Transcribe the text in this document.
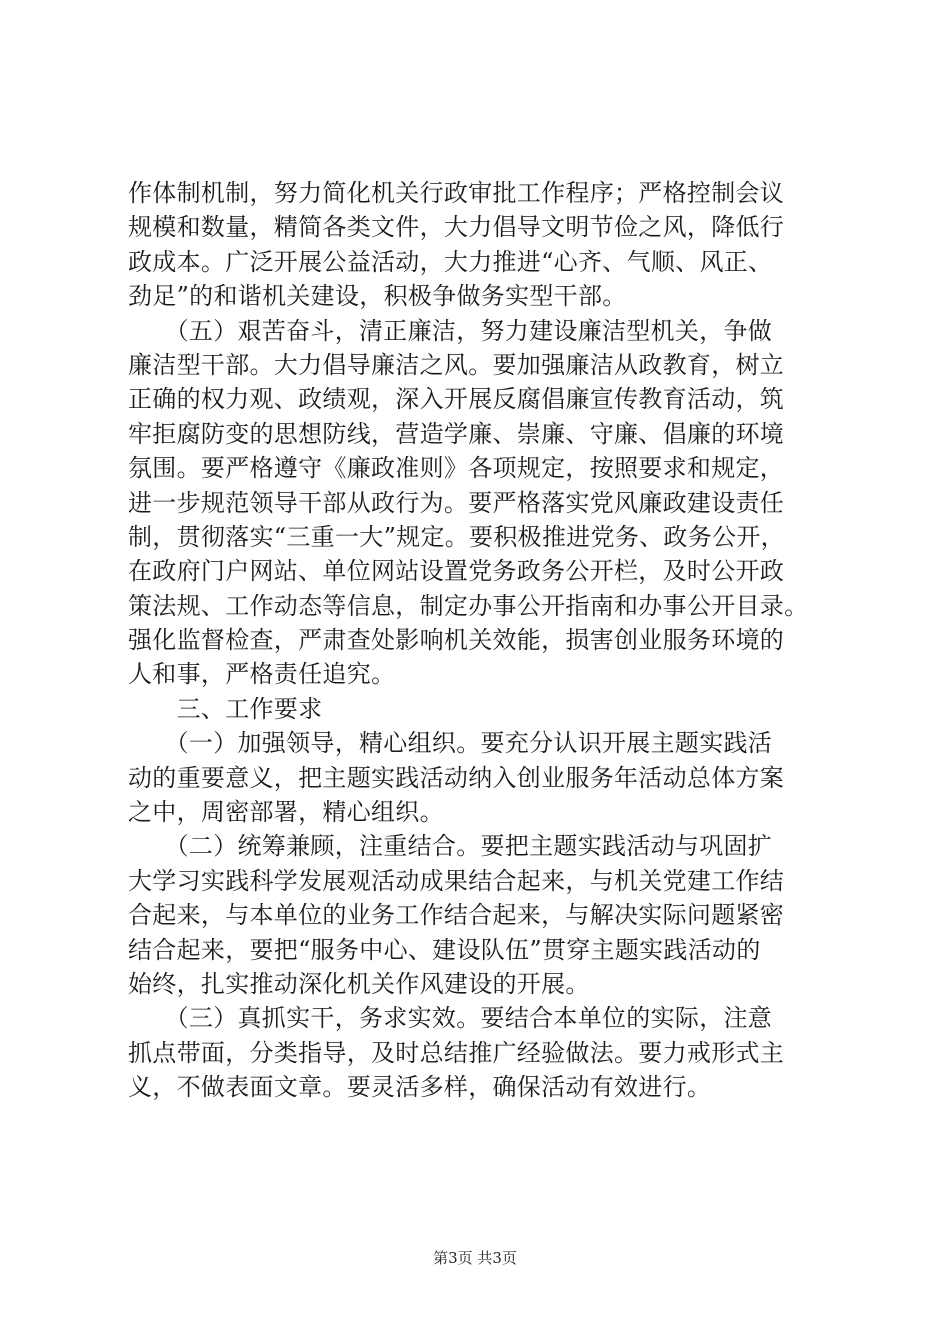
作体制机制，努力简化机关行政审批工作程序；严格控制会议
规模和数量，精简各类文件，大力倡导文明节俭之风，降低行
政成本。广泛开展公益活动，大力推进“心齐、气顺、风正、
劲足”的和谐机关建设，积极争做务实型干部。
　　（五）艰苦奋斗，清正廉洁，努力建设廉洁型机关，争做
廉洁型干部。大力倡导廉洁之风。要加强廉洁从政教育，树立
正确的权力观、政绩观，深入开展反腐倡廉宣传教育活动，筑
牢拒腐防变的思想防线，营造学廉、崇廉、守廉、倡廉的环境
氛围。要严格遵守《廉政准则》各项规定，按照要求和规定，
进一步规范领导干部从政行为。要严格落实党风廉政建设责任
制，贯彻落实“三重一大”规定。要积极推进党务、政务公开，
在政府门户网站、单位网站设置党务政务公开栏，及时公开政
策法规、工作动态等信息，制定办事公开指南和办事公开目录。
强化监督检查，严肃查处影响机关效能，损害创业服务环境的
人和事，严格责任追究。
　　三、工作要求
　　（一）加强领导，精心组织。要充分认识开展主题实践活
动的重要意义，把主题实践活动纳入创业服务年活动总体方案
之中，周密部署，精心组织。
　　（二）统筹兼顾，注重结合。要把主题实践活动与巩固扩
大学习实践科学发展观活动成果结合起来，与机关党建工作结
合起来，与本单位的业务工作结合起来，与解决实际问题紧密
结合起来，要把“服务中心、建设队伍”贯穿主题实践活动的
始终，扎实推动深化机关作风建设的开展。
　　（三）真抓实干，务求实效。要结合本单位的实际，注意
抓点带面，分类指导，及时总结推广经验做法。要力戒形式主
义，不做表面文章。要灵活多样，确保活动有效进行。
第3页 共3页
